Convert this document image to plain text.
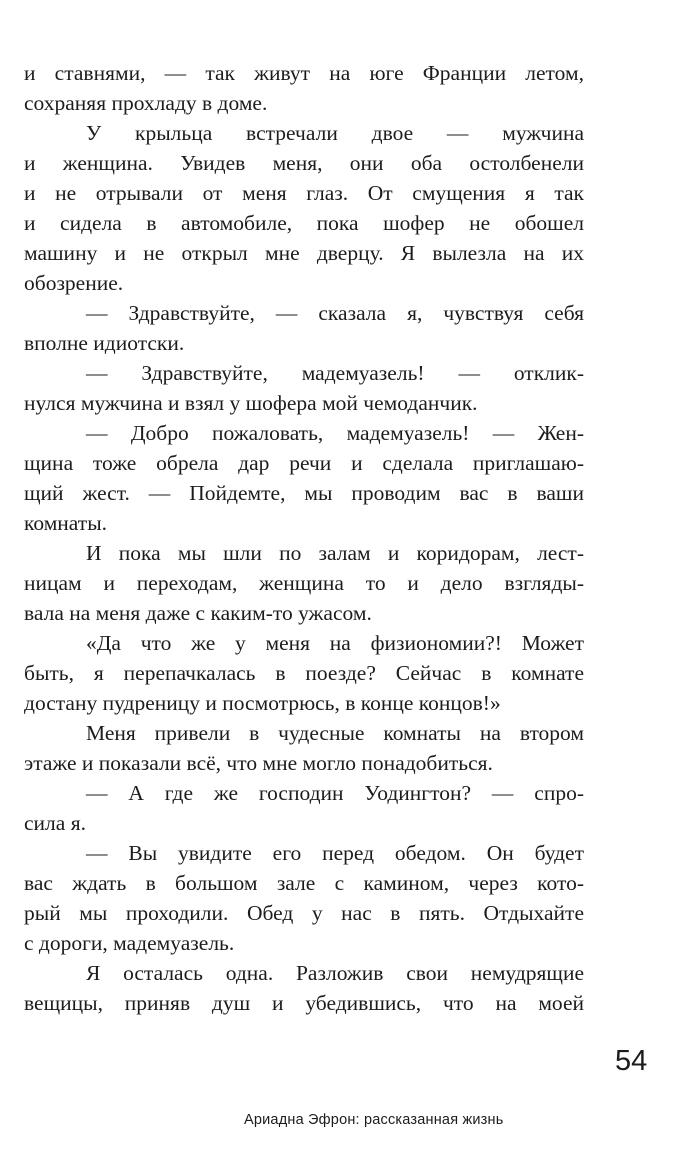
и ставнями, — так живут на юге Франции летом,
сохраняя прохладу в доме.
У крыльца встречали двое — мужчина
и женщина. Увидев меня, они оба остолбенели
и не отрывали от меня глаз. От смущения я так
и сидела в автомобиле, пока шофер не обошел
машину и не открыл мне дверцу. Я вылезла на их
обозрение.
— Здравствуйте, — сказала я, чувствуя себя
вполне идиотски.
— Здравствуйте, мадемуазель! — отклик-
нулся мужчина и взял у шофера мой чемоданчик.
— Добро пожаловать, мадемуазель! — Жен-
щина тоже обрела дар речи и сделала приглашаю-
щий жест. — Пойдемте, мы проводим вас в ваши
комнаты.
И пока мы шли по залам и коридорам, лест-
ницам и переходам, женщина то и дело взгляды-
вала на меня даже с каким-то ужасом.
«Да что же у меня на физиономии?! Может
быть, я перепачкалась в поезде? Сейчас в комнате
достану пудреницу и посмотрюсь, в конце концов!»
Меня привели в чудесные комнаты на втором
этаже и показали всё, что мне могло понадобиться.
— А где же господин Уодингтон? — спро-
сила я.
— Вы увидите его перед обедом. Он будет
вас ждать в большом зале с камином, через кото-
рый мы проходили. Обед у нас в пять. Отдыхайте
с дороги, мадемуазель.
Я осталась одна. Разложив свои немудрящие
вещицы, приняв душ и убедившись, что на моей
54
Ариадна Эфрон: рассказанная жизнь
